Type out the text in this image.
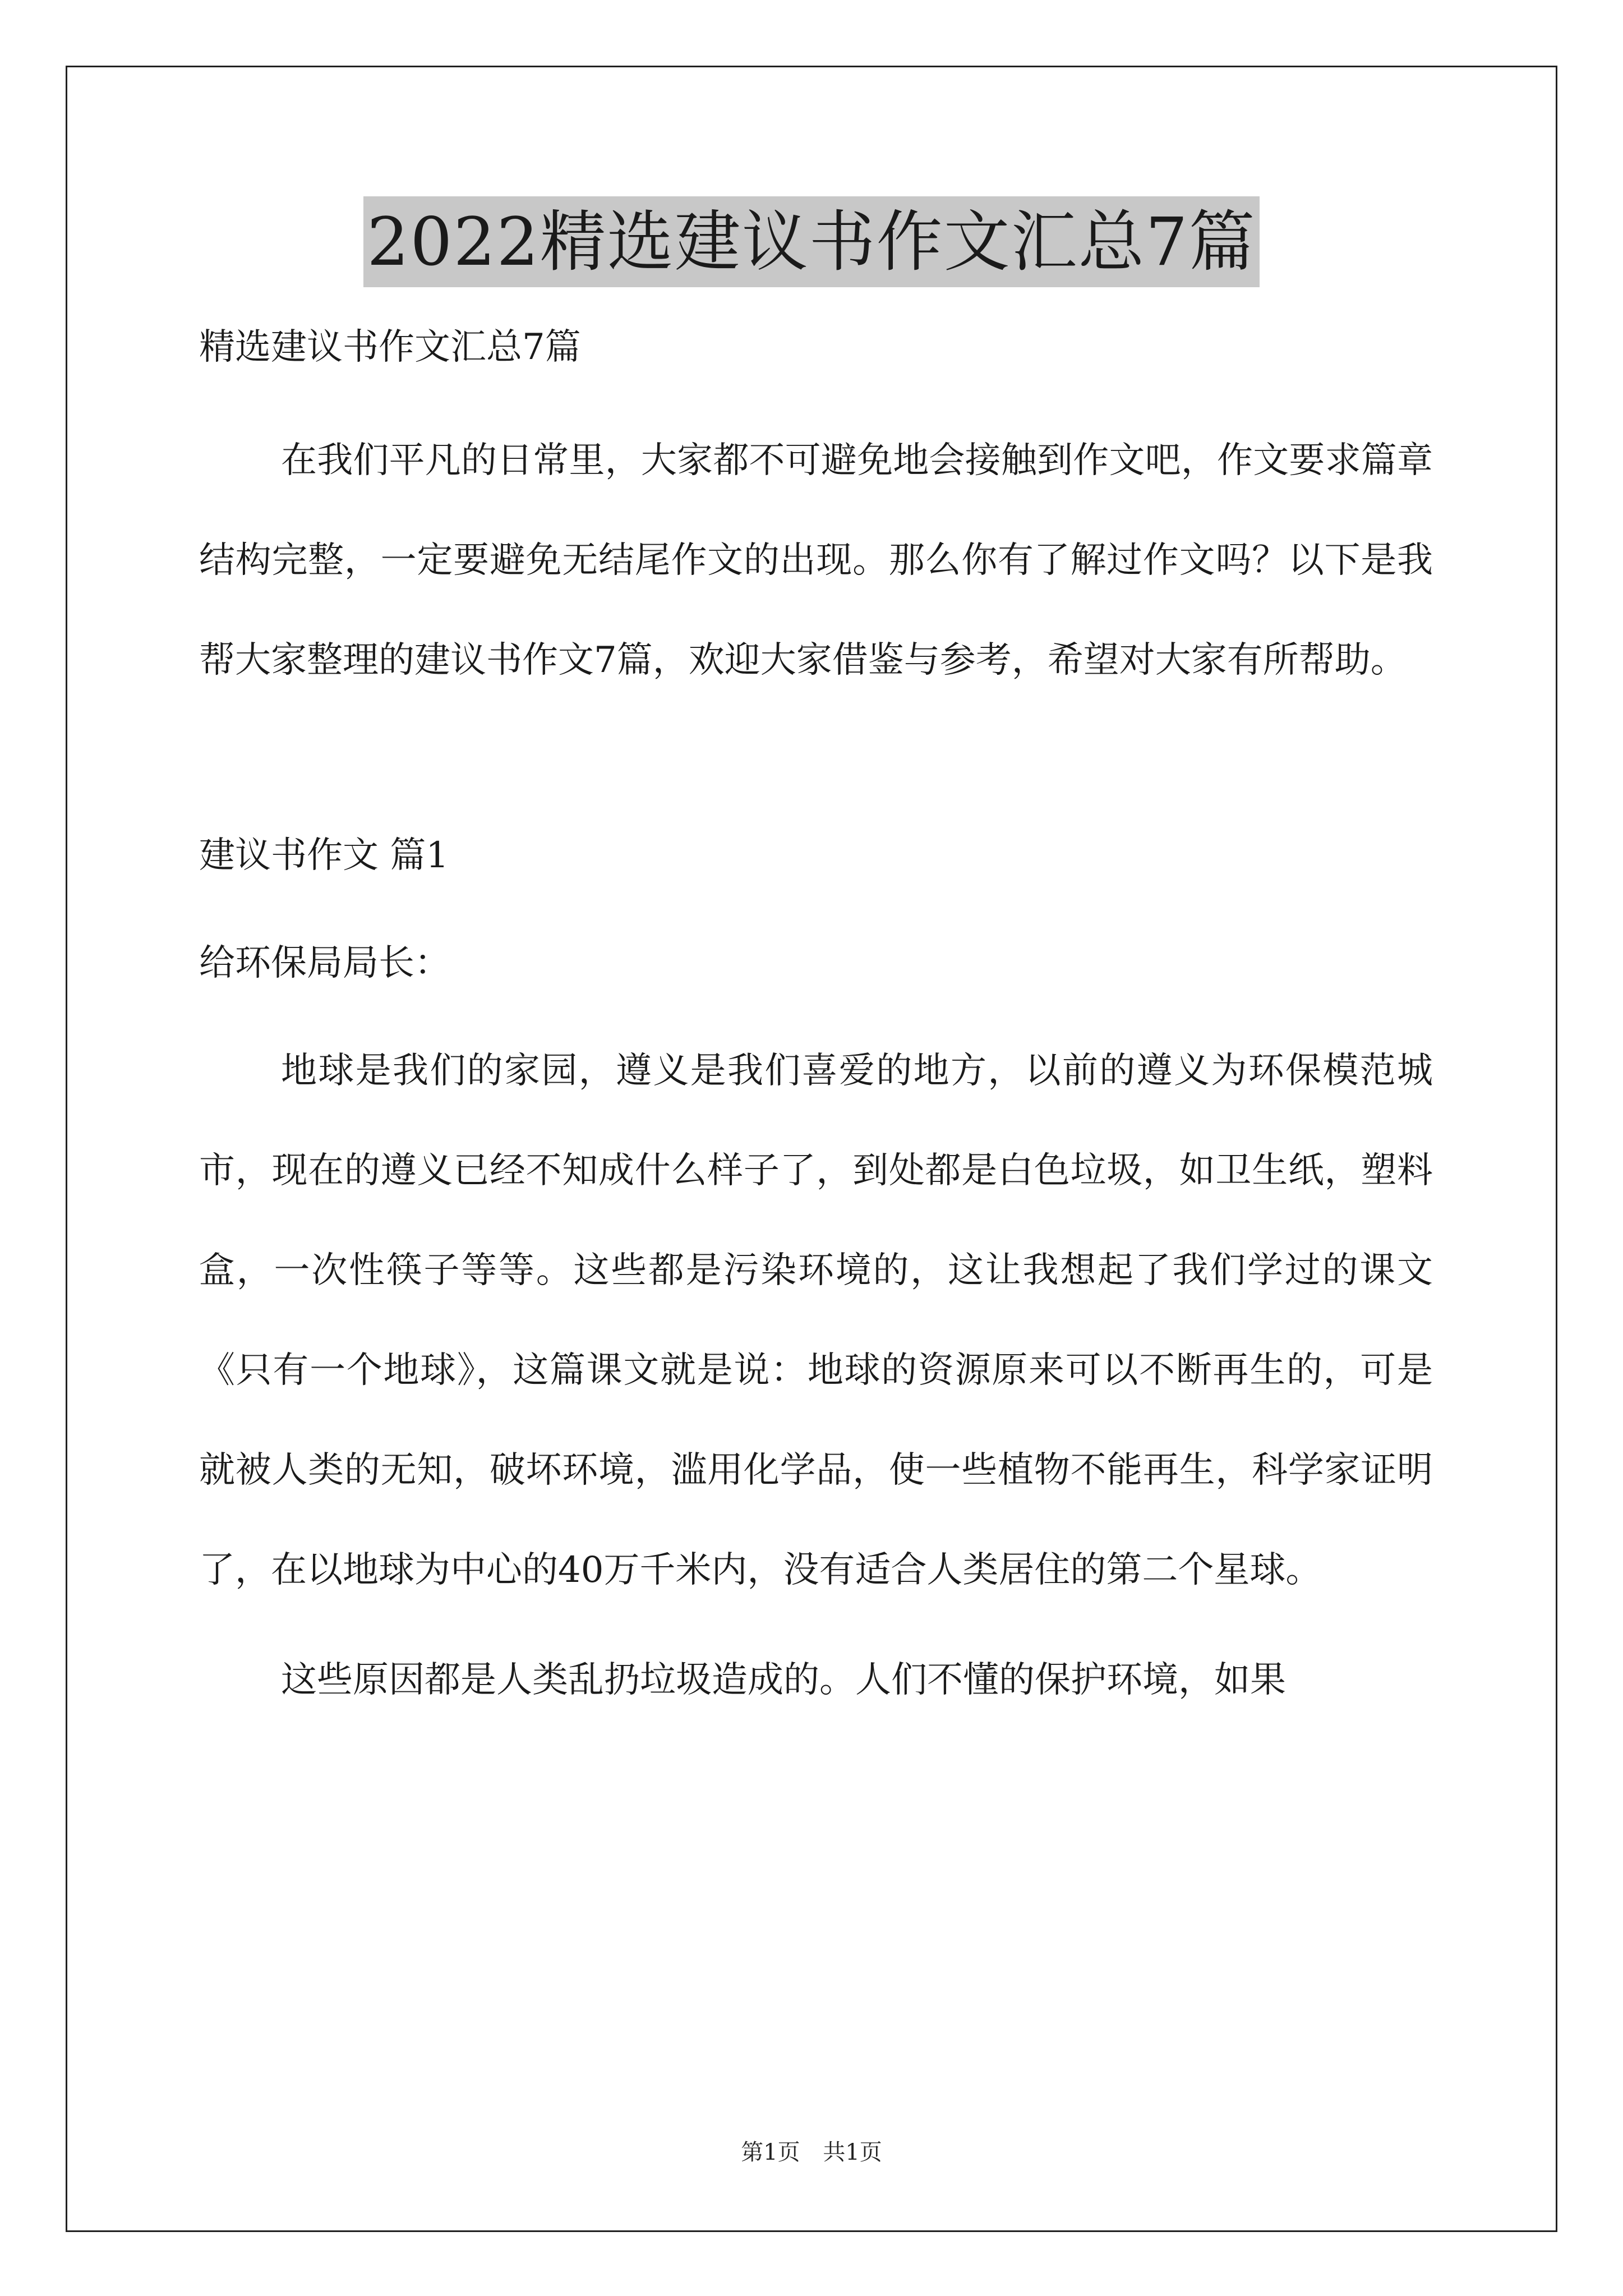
2022精选建议书作文汇总7篇

精选建议书作文汇总7篇

在我们平凡的日常里，大家都不可避免地会接触到作文吧，作文要求篇章结构完整，一定要避免无结尾作文的出现。那么你有了解过作文吗？以下是我帮大家整理的建议书作文7篇，欢迎大家借鉴与参考，希望对大家有所帮助。

建议书作文 篇1

给环保局局长：

地球是我们的家园，遵义是我们喜爱的地方，以前的遵义为环保模范城市，现在的遵义已经不知成什么样子了，到处都是白色垃圾，如卫生纸，塑料盒，一次性筷子等等。这些都是污染环境的，这让我想起了我们学过的课文《只有一个地球》，这篇课文就是说：地球的资源原来可以不断再生的，可是就被人类的无知，破坏环境，滥用化学品，使一些植物不能再生，科学家证明了，在以地球为中心的40万千米内，没有适合人类居住的第二个星球。

这些原因都是人类乱扔垃圾造成的。人们不懂的保护环境，如果

第1页 共1页
